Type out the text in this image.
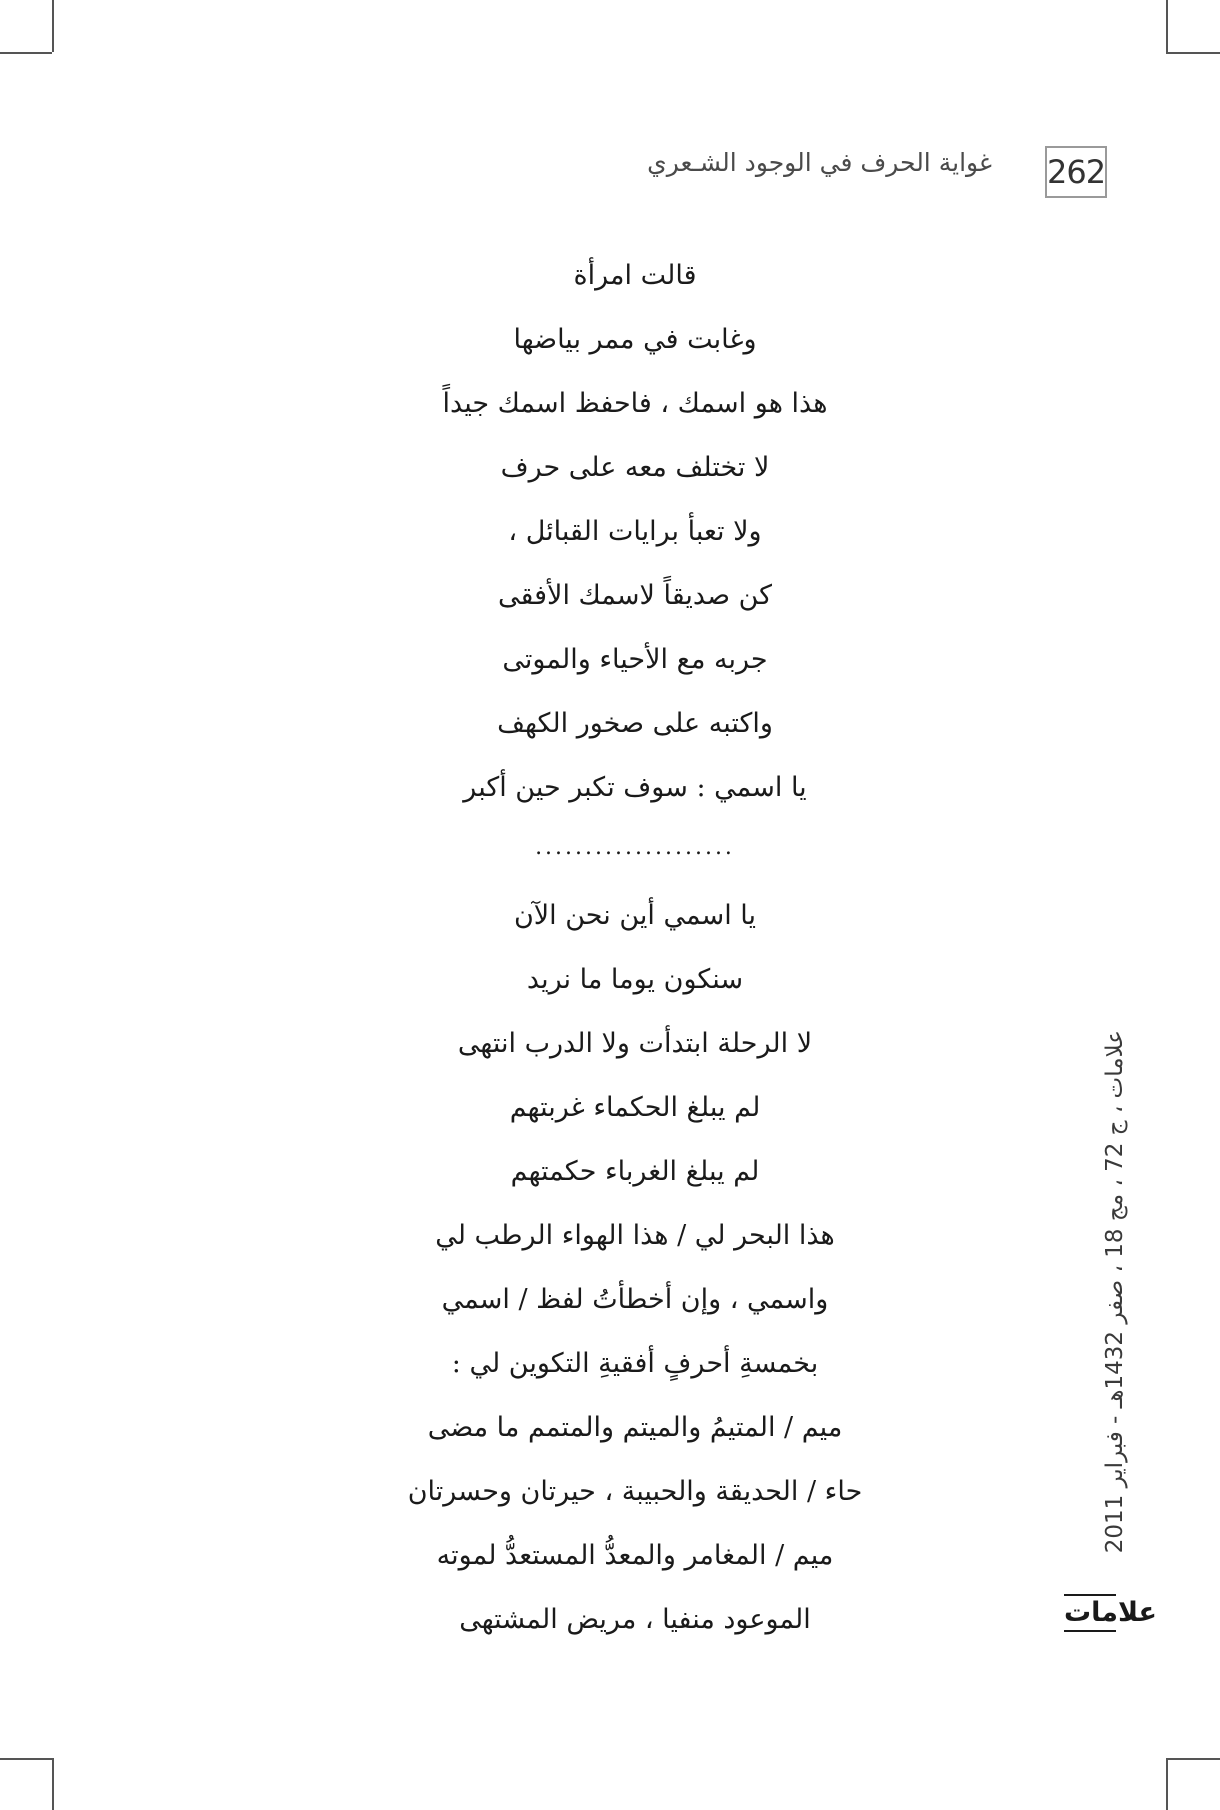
262
غواية الحرف في الوجود الشـعري
قالت امرأة
وغابت في ممر بياضها
هذا هو اسمك ، فاحفظ اسمك جيداً
لا تختلف معه على حرف
ولا تعبأ برايات القبائل ،
كن صديقاً لاسمك الأفقى
جربه مع الأحياء والموتى
واكتبه على صخور الكهف
يا اسمي : سوف تكبر حين أكبر
....................
يا اسمي أين نحن الآن
سنكون يوما ما نريد
لا الرحلة ابتدأت ولا الدرب انتهى
لم يبلغ الحكماء غربتهم
لم يبلغ الغرباء حكمتهم
هذا البحر لي / هذا الهواء الرطب لي
واسمي ، وإن أخطأتُ لفظ / اسمي
بخمسةِ أحرفٍ أفقيةِ التكوين لي :
ميم / المتيمُ والميتم والمتمم ما مضى
حاء / الحديقة والحبيبة ، حيرتان وحسرتان
ميم / المغامر والمعدُّ المستعدُّ لموته
الموعود منفيا ، مريض المشتهى
علامات ، ج 72 ، مج 18 ، صفر 1432هـ - فبراير 2011
علامات
